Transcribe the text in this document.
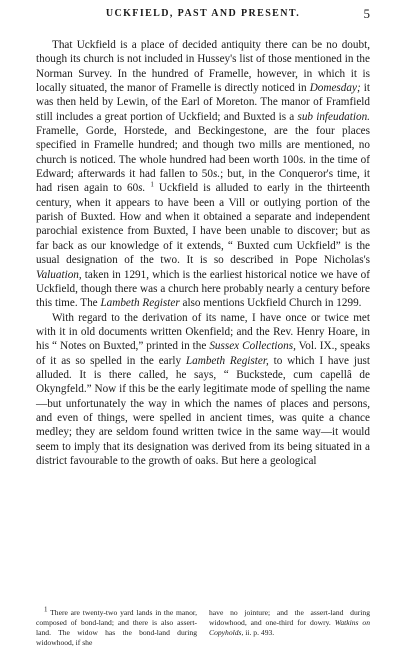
UCKFIELD, PAST AND PRESENT.	5

That Uckfield is a place of decided antiquity there can be no doubt, though its church is not included in Hussey's list of those mentioned in the Norman Survey. In the hundred of Framelle, however, in which it is locally situated, the manor of Framelle is directly noticed in Domesday; it was then held by Lewin, of the Earl of Moreton. The manor of Framfield still includes a great portion of Uckfield; and Buxted is a sub infeudation. Framelle, Gorde, Horstede, and Beckingestone, are the four places specified in Framelle hundred; and though two mills are mentioned, no church is noticed. The whole hundred had been worth 100s. in the time of Edward; afterwards it had fallen to 50s.; but, in the Conqueror's time, it had risen again to 60s. $^1$ Uckfield is alluded to early in the thirteenth century, when it appears to have been a Vill or outlying portion of the parish of Buxted. How and when it obtained a separate and independent parochial existence from Buxted, I have been unable to discover; but as far back as our knowledge of it extends, “ Buxted cum Uckfield” is the usual designation of the two. It is so described in Pope Nicholas's Valuation, taken in 1291, which is the earliest historical notice we have of Uckfield, though there was a church here probably nearly a century before this time. The Lambeth Register also mentions Uckfield Church in 1299.

With regard to the derivation of its name, I have once or twice met with it in old documents written Okenfield; and the Rev. Henry Hoare, in his “ Notes on Buxted,” printed in the Sussex Collections, Vol. IX., speaks of it as so spelled in the early Lambeth Register, to which I have just alluded. It is there called, he says, “ Buckstede, cum capellâ de Okyngfeld.” Now if this be the early legitimate mode of spelling the name—but unfortunately the way in which the names of places and persons, and even of things, were spelled in ancient times, was quite a chance medley; they are seldom found written twice in the same way—it would seem to imply that its designation was derived from its being situated in a district favourable to the growth of oaks. But here a geological

$^1$ There are twenty-two yard lands in the manor, composed of bond-land; and there is also assert-land. The widow has the bond-land during widowhood, if she
have no jointure; and the assert-land during widowhood, and one-third for dowry. Watkins on Copyholds, ii. p. 493.
